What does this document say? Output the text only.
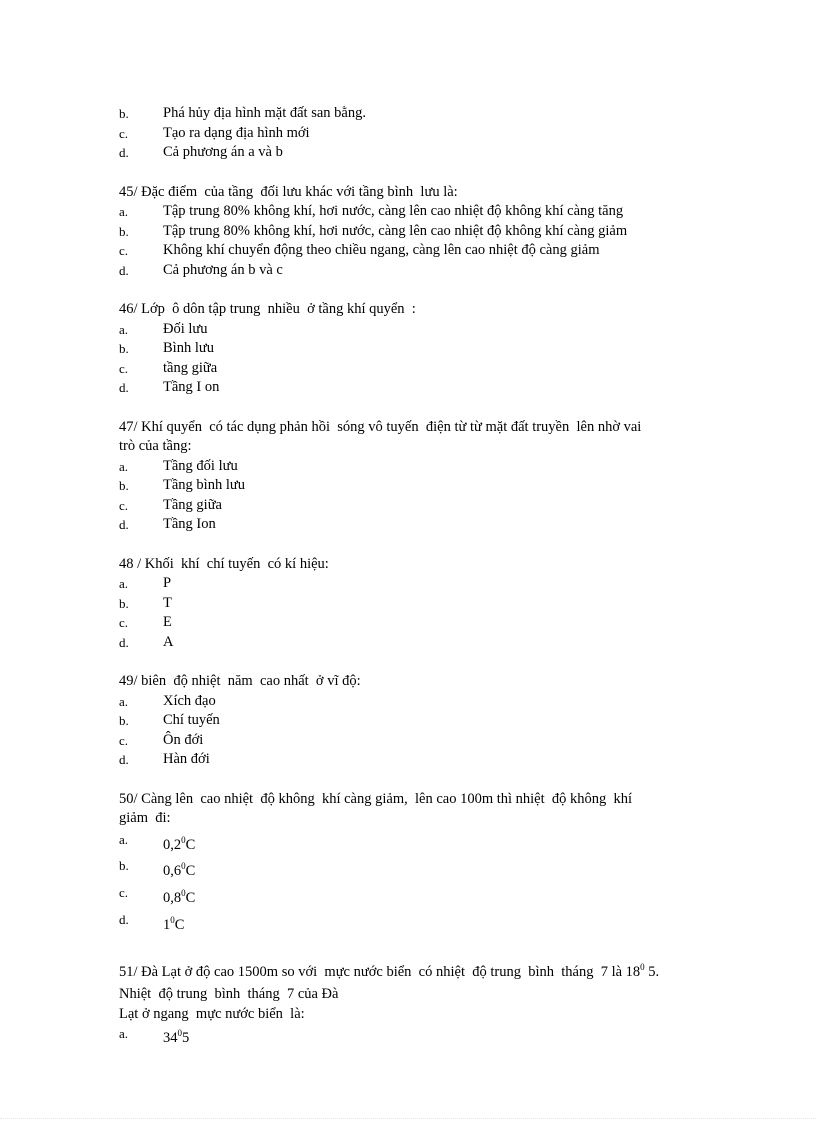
b.	Phá hủy địa hình mặt đất san bằng.
c.	Tạo ra dạng địa hình mới
d.	Cả phương án a và b
45/ Đặc điểm  của tầng  đối lưu khác với tầng bình  lưu là:
a.	Tập trung 80% không khí, hơi nước, càng lên cao nhiệt độ không khí càng tăng
b.	Tập trung 80% không khí, hơi nước, càng lên cao nhiệt độ không khí càng giảm
c.	Không khí chuyển động theo chiều ngang, càng lên cao nhiệt độ càng giảm
d.	Cả phương án b và c
46/ Lớp  ô dôn tập trung  nhiều  ở tầng khí quyển  :
a.	Đối lưu
b.	Bình lưu
c.	tầng giữa
d.	Tầng I on
47/ Khí quyển  có tác dụng phản hồi  sóng vô tuyến  điện từ từ mặt đất truyền  lên nhờ vai
trò của tầng:
a.	Tầng đối lưu
b.	Tầng bình lưu
c.	Tầng giữa
d.	Tầng Ion
48 / Khối  khí  chí tuyến  có kí hiệu:
a.	P
b.	T
c.	E
d.	A
49/ biên  độ nhiệt  năm  cao nhất  ở vĩ độ:
a.	Xích đạo
b.	Chí tuyến
c.	Ôn đới
d.	Hàn đới
50/ Càng lên  cao nhiệt  độ không  khí càng giảm,  lên cao 100m thì nhiệt  độ không  khí
giảm  đi:
a.	$0,2^0C$
b.	$0,6^0C$
c.	$0,8^0C$
d.	$1^0C$
51/ Đà Lạt ở độ cao 1500m so với  mực nước biển  có nhiệt  độ trung  bình  tháng  7 là $18^0$ 5.
Nhiệt  độ trung  bình  tháng  7 của Đà
Lạt ở ngang  mực nước biển  là:
a.	$34^05$
